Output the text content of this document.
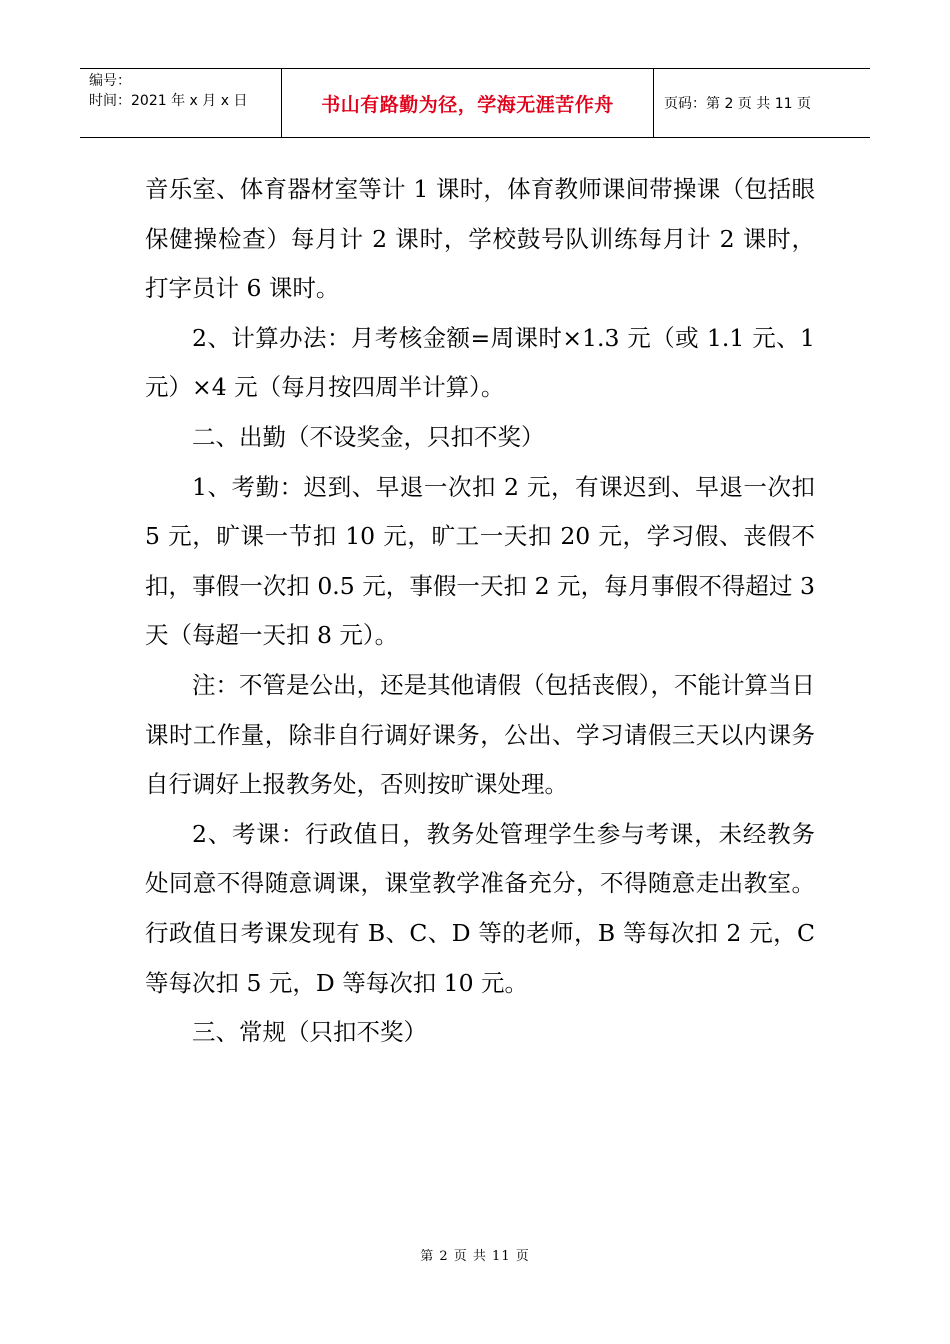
编号：
时间：2021 年 x 月 x 日	书山有路勤为径，学海无涯苦作舟	页码：第 2 页 共 11 页

音乐室、体育器材室等计 1 课时，体育教师课间带操课（包括眼保健操检查）每月计 2 课时，学校鼓号队训练每月计 2 课时，打字员计 6 课时。

2、计算办法：月考核金额=周课时×1.3 元（或 1.1 元、1 元）×4 元（每月按四周半计算）。

二、出勤（不设奖金，只扣不奖）

1、考勤：迟到、早退一次扣 2 元，有课迟到、早退一次扣 5 元，旷课一节扣 10 元，旷工一天扣 20 元，学习假、丧假不扣，事假一次扣 0.5 元，事假一天扣 2 元，每月事假不得超过 3 天（每超一天扣 8 元）。

注：不管是公出，还是其他请假（包括丧假），不能计算当日课时工作量，除非自行调好课务，公出、学习请假三天以内课务自行调好上报教务处，否则按旷课处理。

2、考课：行政值日，教务处管理学生参与考课，未经教务处同意不得随意调课，课堂教学准备充分，不得随意走出教室。行政值日考课发现有 B、C、D 等的老师，B 等每次扣 2 元，C 等每次扣 5 元，D 等每次扣 10 元。

三、常规（只扣不奖）

第 2 页 共 11 页
